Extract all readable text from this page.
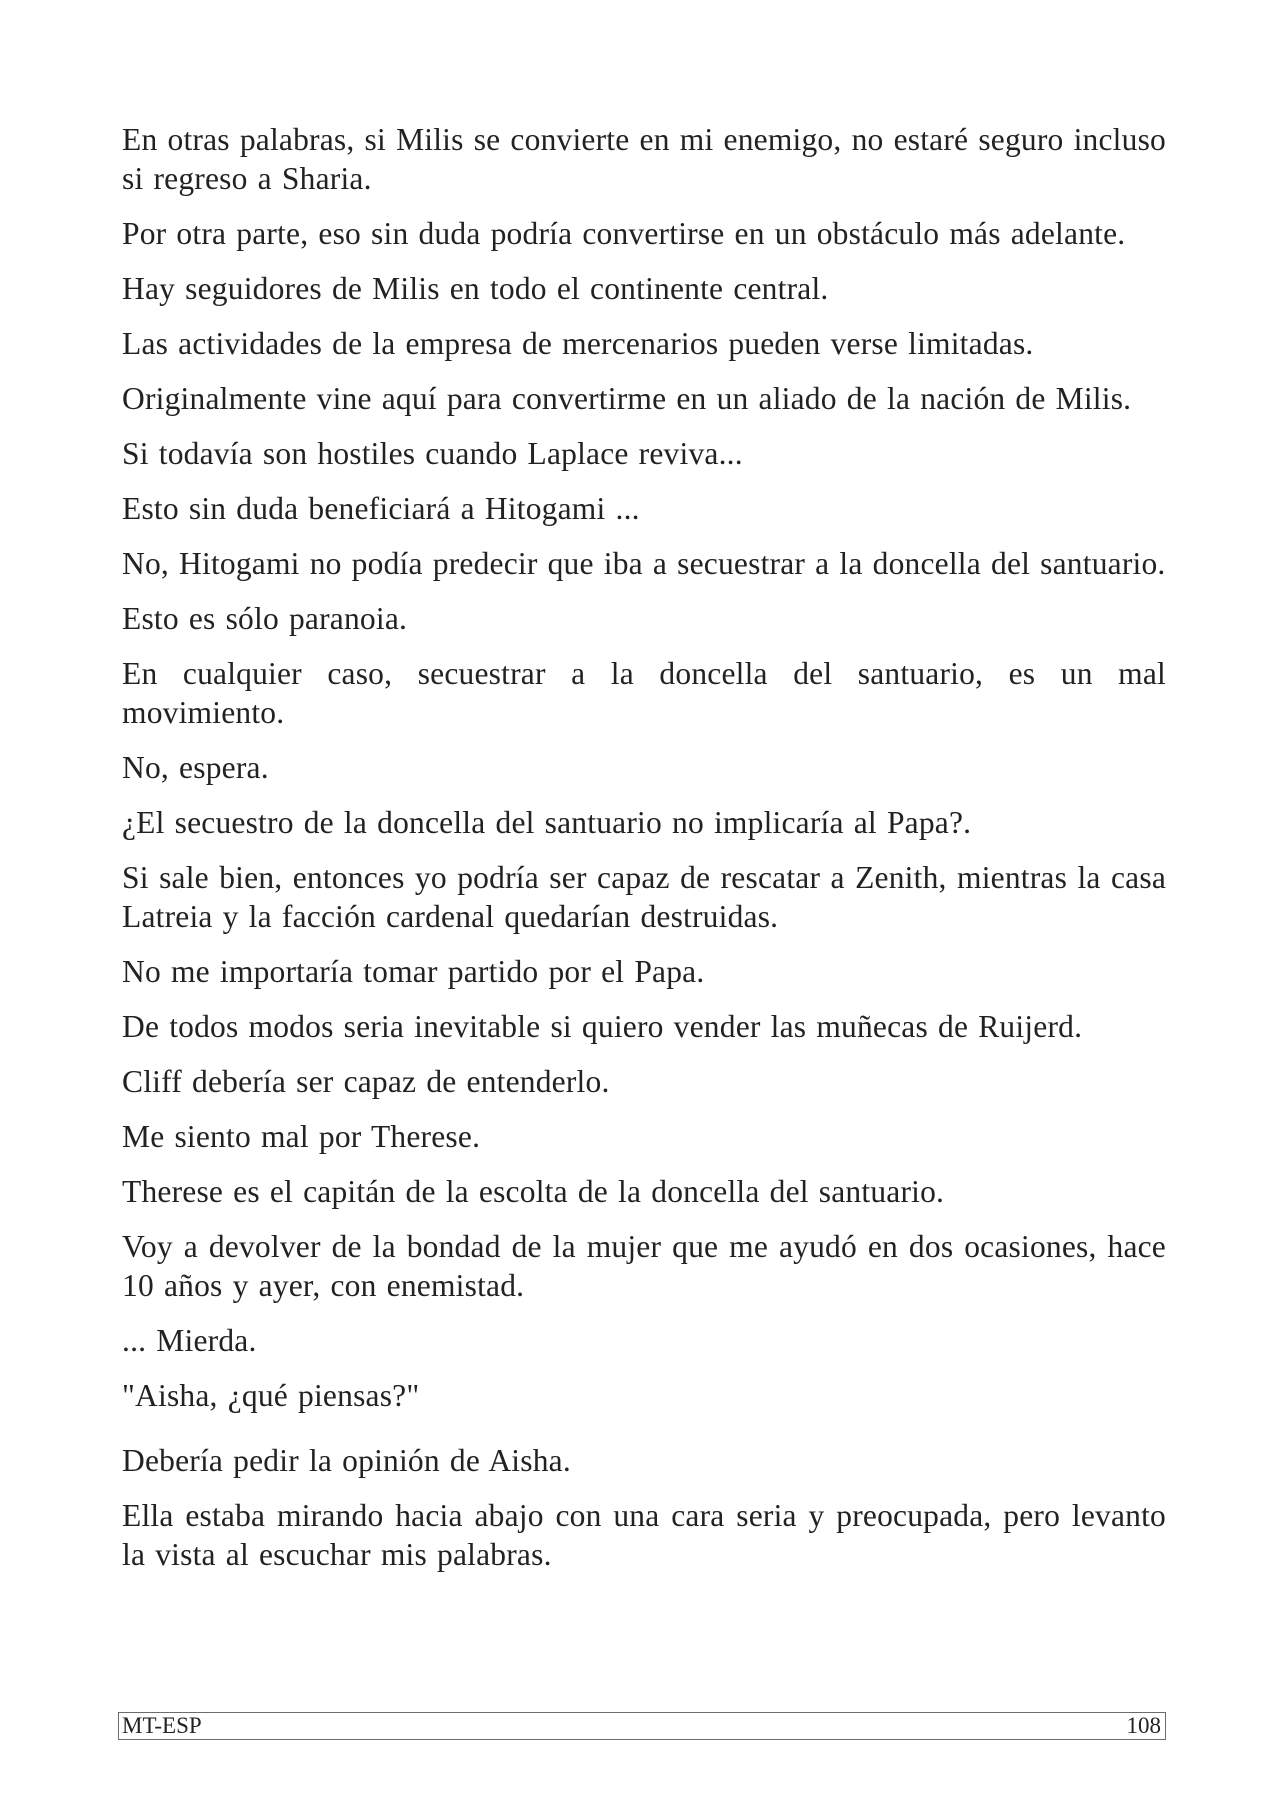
En otras palabras, si Milis se convierte en mi enemigo, no estaré seguro incluso si regreso a Sharia.

Por otra parte, eso sin duda podría convertirse en un obstáculo más adelante.

Hay seguidores de Milis en todo el continente central.

Las actividades de la empresa de mercenarios pueden verse limitadas.

Originalmente vine aquí para convertirme en un aliado de la nación de Milis.

Si todavía son hostiles cuando Laplace reviva...

Esto sin duda beneficiará a Hitogami ...

No, Hitogami no podía predecir que iba a secuestrar a la doncella del santuario.

Esto es sólo paranoia.

En cualquier caso, secuestrar a la doncella del santuario, es un mal movimiento.

No, espera.

¿El secuestro de la doncella del santuario no implicaría al Papa?.

Si sale bien, entonces yo podría ser capaz de rescatar a Zenith, mientras la casa Latreia y la facción cardenal quedarían destruidas.

No me importaría tomar partido por el Papa.

De todos modos seria inevitable si quiero vender las muñecas de Ruijerd.

Cliff debería ser capaz de entenderlo.

Me siento mal por Therese.

Therese es el capitán de la escolta de la doncella del santuario.

Voy a devolver de la bondad de la mujer que me ayudó en dos ocasiones, hace 10 años y ayer, con enemistad.

... Mierda.

"Aisha, ¿qué piensas?"

Debería pedir la opinión de Aisha.

Ella estaba mirando hacia abajo con una cara seria y preocupada, pero levanto la vista al escuchar mis palabras.

MT-ESP	108
